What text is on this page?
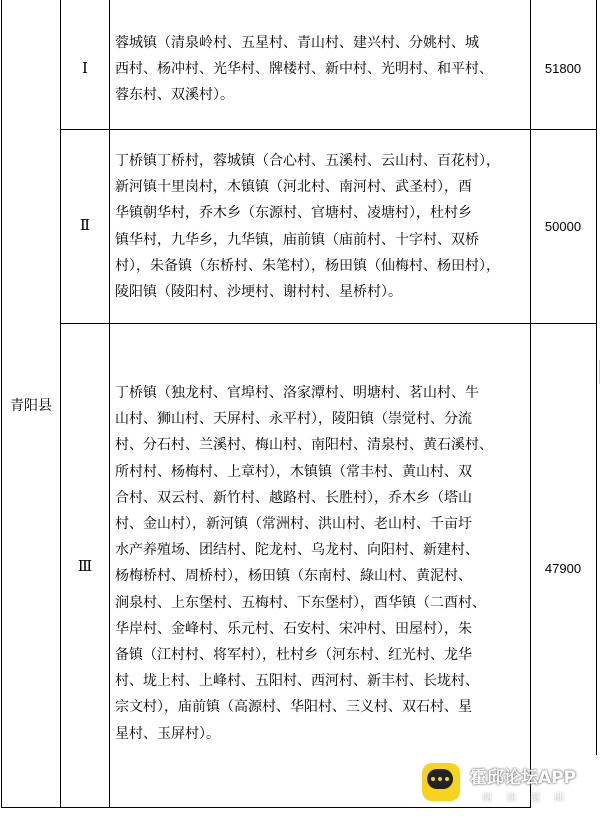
青阳县
Ⅰ
蓉城镇（清泉岭村、五星村、青山村、建兴村、分姚村、城
西村、杨冲村、光华村、牌楼村、新中村、光明村、和平村、
蓉东村、双溪村）。
51800
Ⅱ
丁桥镇丁桥村，蓉城镇（合心村、五溪村、云山村、百花村），
新河镇十里岗村，木镇镇（河北村、南河村、武圣村），酉
华镇朝华村，乔木乡（东源村、官塘村、凌塘村），杜村乡
镇华村，九华乡，九华镇，庙前镇（庙前村、十字村、双桥
村），朱备镇（东桥村、朱笔村），杨田镇（仙梅村、杨田村），
陵阳镇（陵阳村、沙埂村、谢村村、星桥村）。
50000
Ⅲ
丁桥镇（独龙村、官埠村、洛家潭村、明塘村、茗山村、牛
山村、狮山村、天屏村、永平村），陵阳镇（崇觉村、分流
村、分石村、兰溪村、梅山村、南阳村、清泉村、黄石溪村、
所村村、杨梅村、上章村），木镇镇（常丰村、黄山村、双
合村、双云村、新竹村、越路村、长胜村），乔木乡（塔山
村、金山村），新河镇（常洲村、洪山村、老山村、千亩圩
水产养殖场、团结村、陀龙村、乌龙村、向阳村、新建村、
杨梅桥村、周桥村），杨田镇（东南村、綠山村、黄泥村、
涧泉村、上东堡村、五梅村、下东堡村），酉华镇（二酉村、
华岸村、金峰村、乐元村、石安村、宋冲村、田屋村），朱
备镇（江村村、将军村），杜村乡（河东村、红光村、龙华
村、垅上村、上峰村、五阳村、西河村、新丰村、长垅村、
宗文村），庙前镇（高源村、华阳村、三义村、双石村、星
星村、玉屏村）。
47900
霍邱论坛APP
阅读覆邱
